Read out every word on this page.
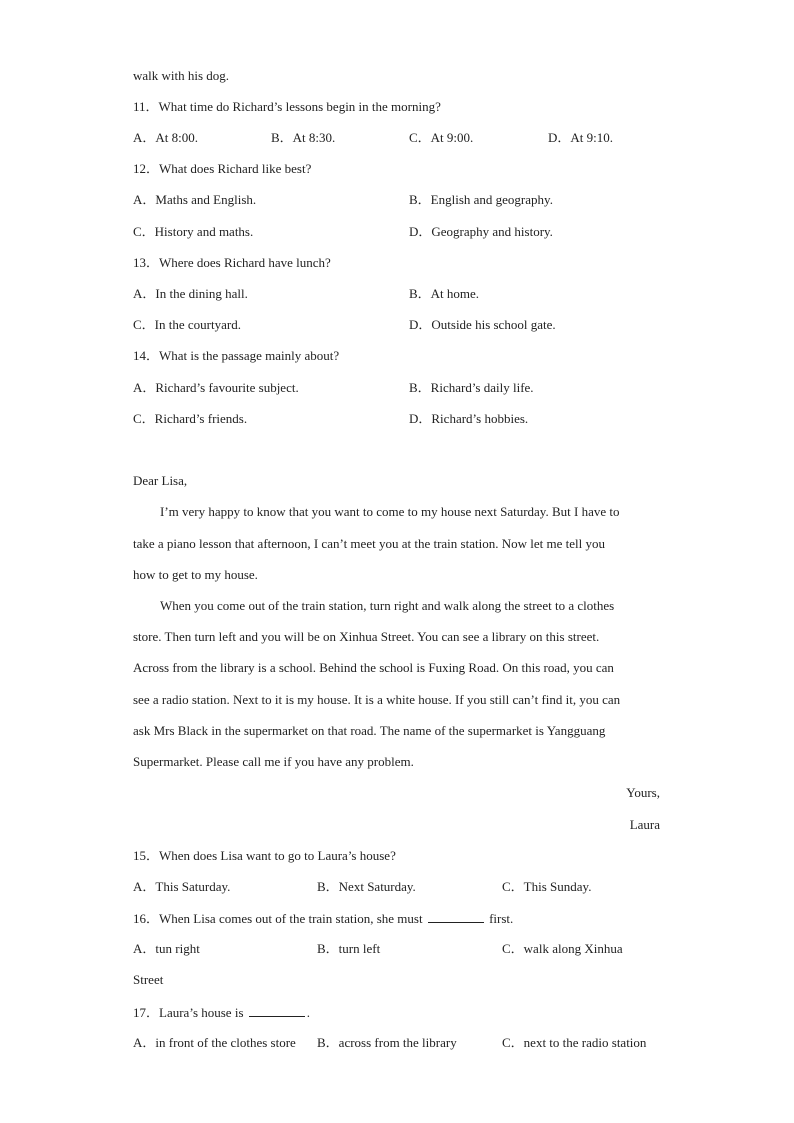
walk with his dog.
11．What time do Richard’s lessons begin in the morning?
A．At 8:00.	B．At 8:30.	C．At 9:00.	D．At 9:10.
12．What does Richard like best?
A．Maths and English.	B．English and geography.
C．History and maths.	D．Geography and history.
13．Where does Richard have lunch?
A．In the dining hall.	B．At home.
C．In the courtyard.	D．Outside his school gate.
14．What is the passage mainly about?
A．Richard’s favourite subject.	B．Richard’s daily life.
C．Richard’s friends.	D．Richard’s hobbies.
Dear Lisa,
I’m very happy to know that you want to come to my house next Saturday. But I have to
take a piano lesson that afternoon, I can’t meet you at the train station. Now let me tell you
how to get to my house.
When you come out of the train station, turn right and walk along the street to a clothes
store. Then turn left and you will be on Xinhua Street. You can see a library on this street.
Across from the library is a school. Behind the school is Fuxing Road. On this road, you can
see a radio station. Next to it is my house. It is a white house. If you still can’t find it, you can
ask Mrs Black in the supermarket on that road. The name of the supermarket is Yangguang
Supermarket. Please call me if you have any problem.
Yours,
Laura
15．When does Lisa want to go to Laura’s house?
A．This Saturday.	B．Next Saturday.	C．This Sunday.
16．When Lisa comes out of the train station, she must	first.
A．tun right	B．turn left	C．walk along Xinhua
Street
17．Laura’s house is	.
A．in front of the clothes store B．across from the library	C．next to the radio station
